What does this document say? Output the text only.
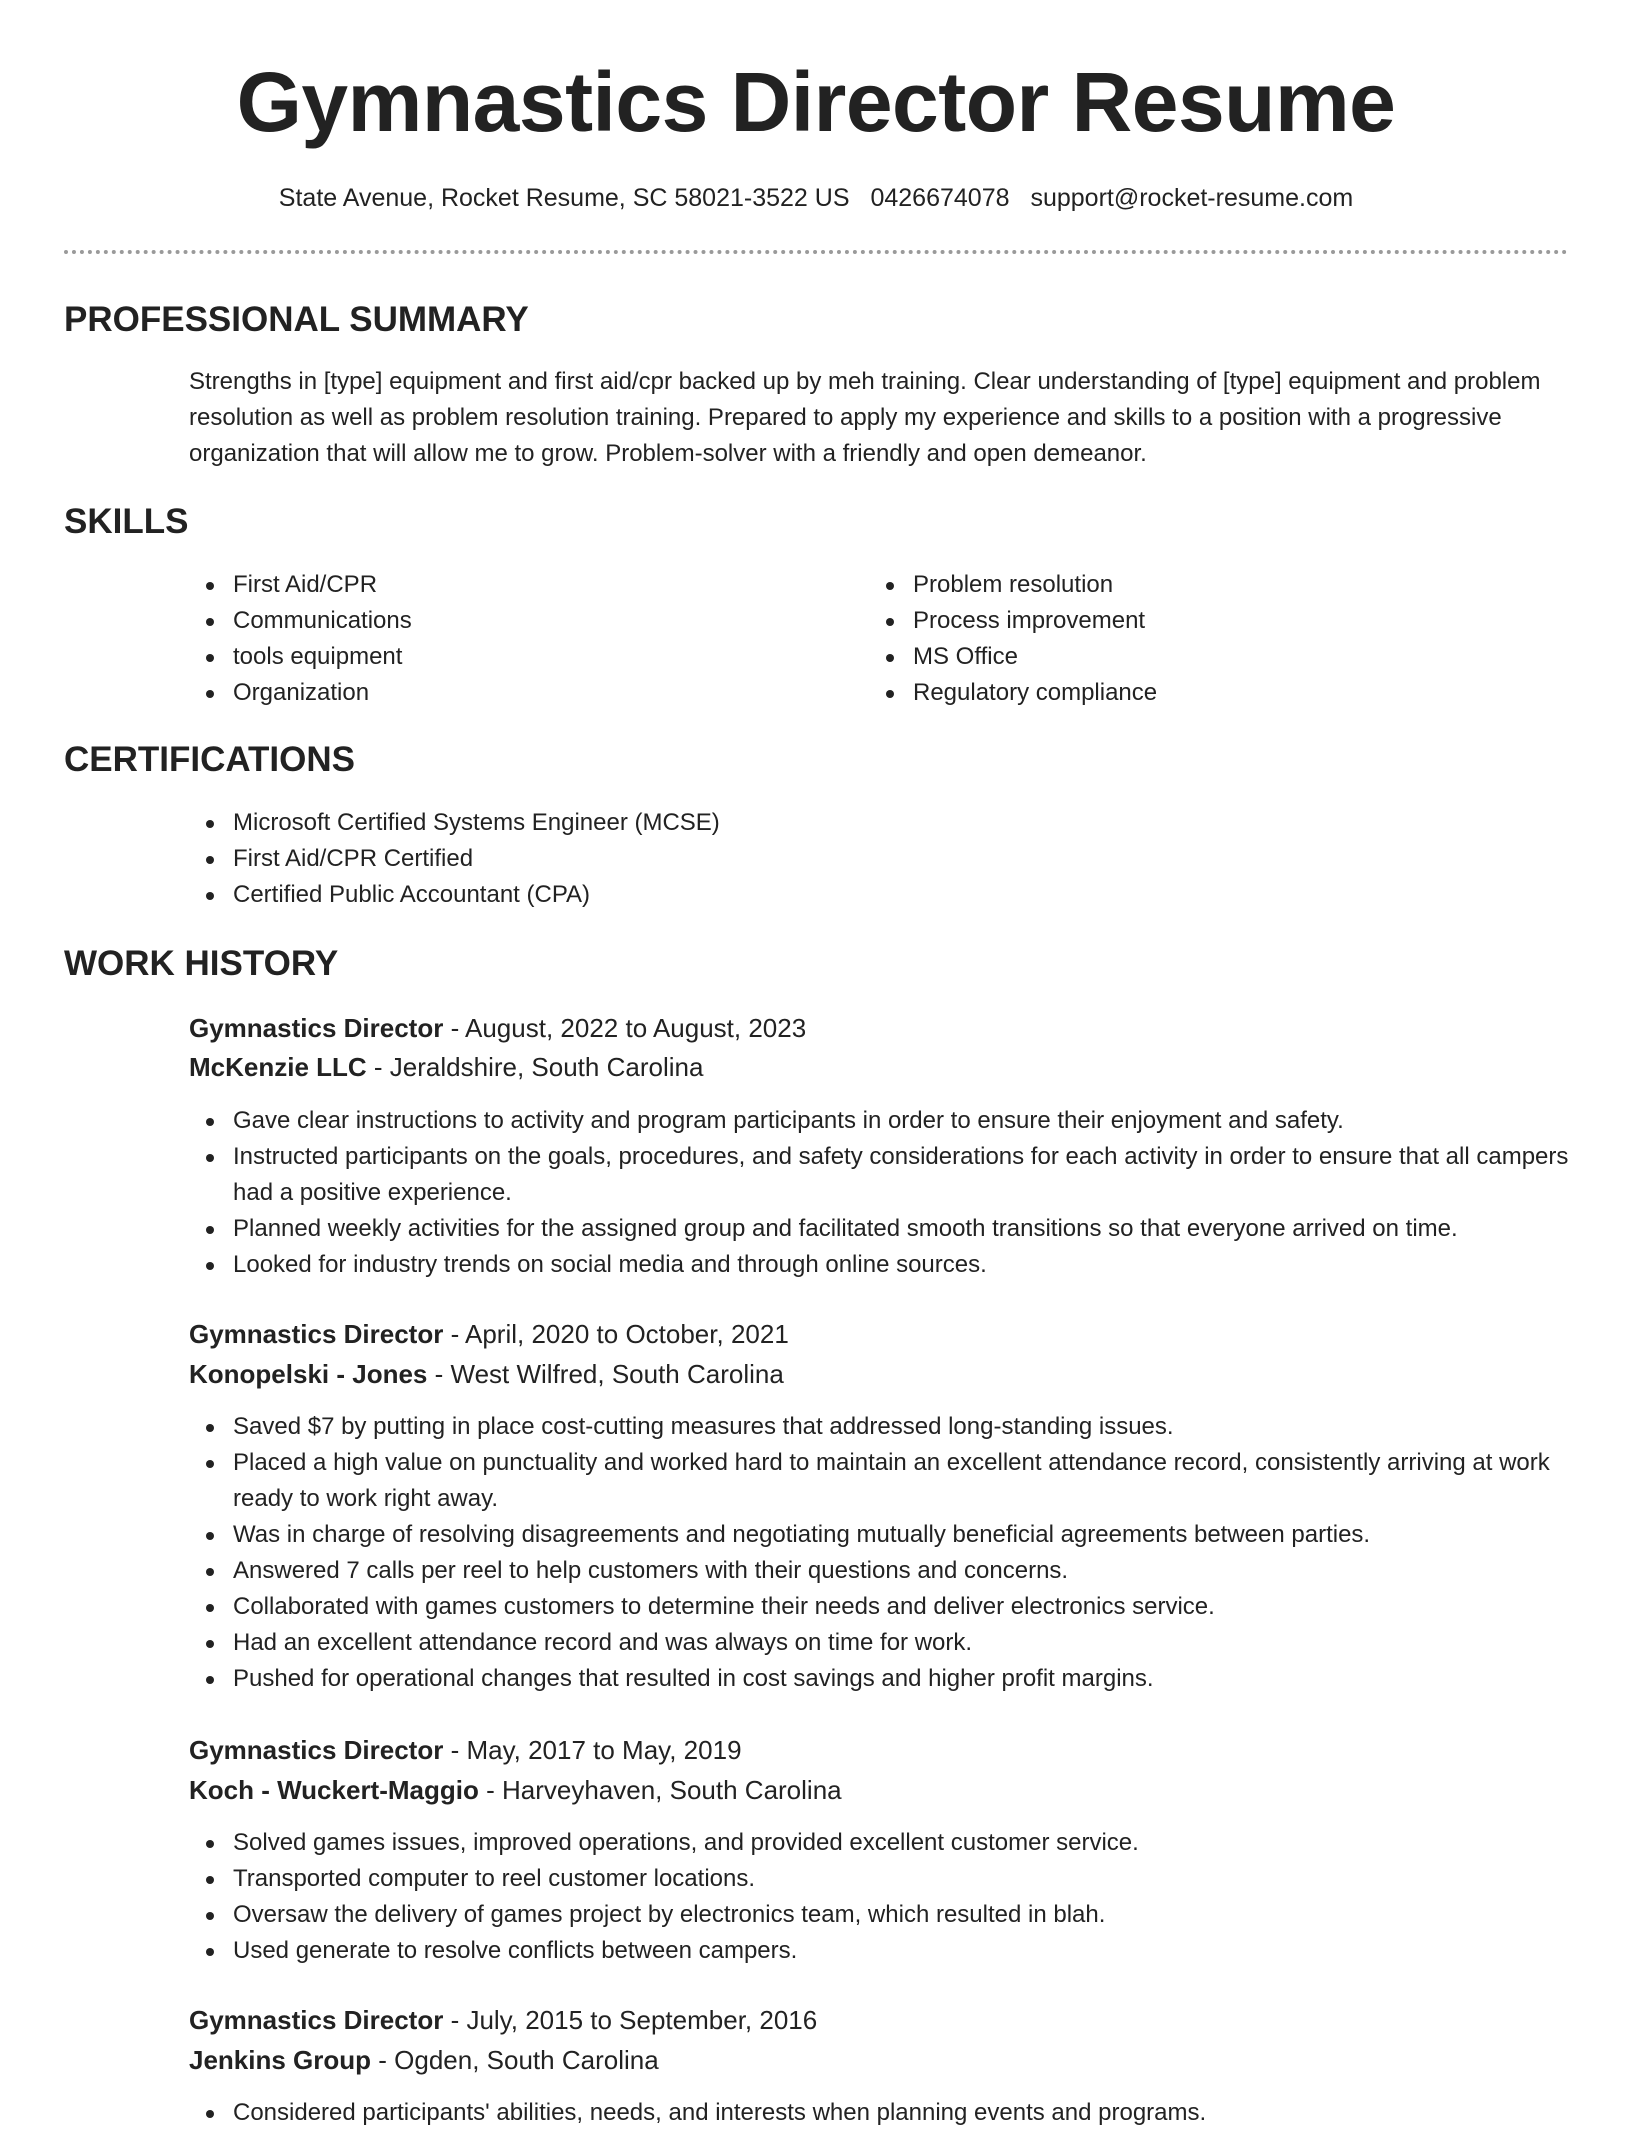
Gymnastics Director Resume
State Avenue, Rocket Resume, SC 58021-3522 US 0426674078 support@rocket-resume.com
PROFESSIONAL SUMMARY

Strengths in [type] equipment and first aid/cpr backed up by meh training. Clear understanding of [type] equipment and problem resolution as well as problem resolution training. Prepared to apply my experience and skills to a position with a progressive organization that will allow me to grow. Problem-solver with a friendly and open demeanor.

SKILLS
First Aid/CPR
Communications
tools equipment
Organization
Problem resolution
Process improvement
MS Office
Regulatory compliance
CERTIFICATIONS
Microsoft Certified Systems Engineer (MCSE)
First Aid/CPR Certified
Certified Public Accountant (CPA)
WORK HISTORY
Gymnastics Director - August, 2022 to August, 2023
McKenzie LLC - Jeraldshire, South Carolina
Gave clear instructions to activity and program participants in order to ensure their enjoyment and safety.
Instructed participants on the goals, procedures, and safety considerations for each activity in order to ensure that all campers had a positive experience.
Planned weekly activities for the assigned group and facilitated smooth transitions so that everyone arrived on time.
Looked for industry trends on social media and through online sources.
Gymnastics Director - April, 2020 to October, 2021
Konopelski - Jones - West Wilfred, South Carolina
Saved $7 by putting in place cost-cutting measures that addressed long-standing issues.
Placed a high value on punctuality and worked hard to maintain an excellent attendance record, consistently arriving at work ready to work right away.
Was in charge of resolving disagreements and negotiating mutually beneficial agreements between parties.
Answered 7 calls per reel to help customers with their questions and concerns.
Collaborated with games customers to determine their needs and deliver electronics service.
Had an excellent attendance record and was always on time for work.
Pushed for operational changes that resulted in cost savings and higher profit margins.
Gymnastics Director - May, 2017 to May, 2019
Koch - Wuckert-Maggio - Harveyhaven, South Carolina
Solved games issues, improved operations, and provided excellent customer service.
Transported computer to reel customer locations.
Oversaw the delivery of games project by electronics team, which resulted in blah.
Used generate to resolve conflicts between campers.
Gymnastics Director - July, 2015 to September, 2016
Jenkins Group - Ogden, South Carolina
Considered participants' abilities, needs, and interests when planning events and programs.
